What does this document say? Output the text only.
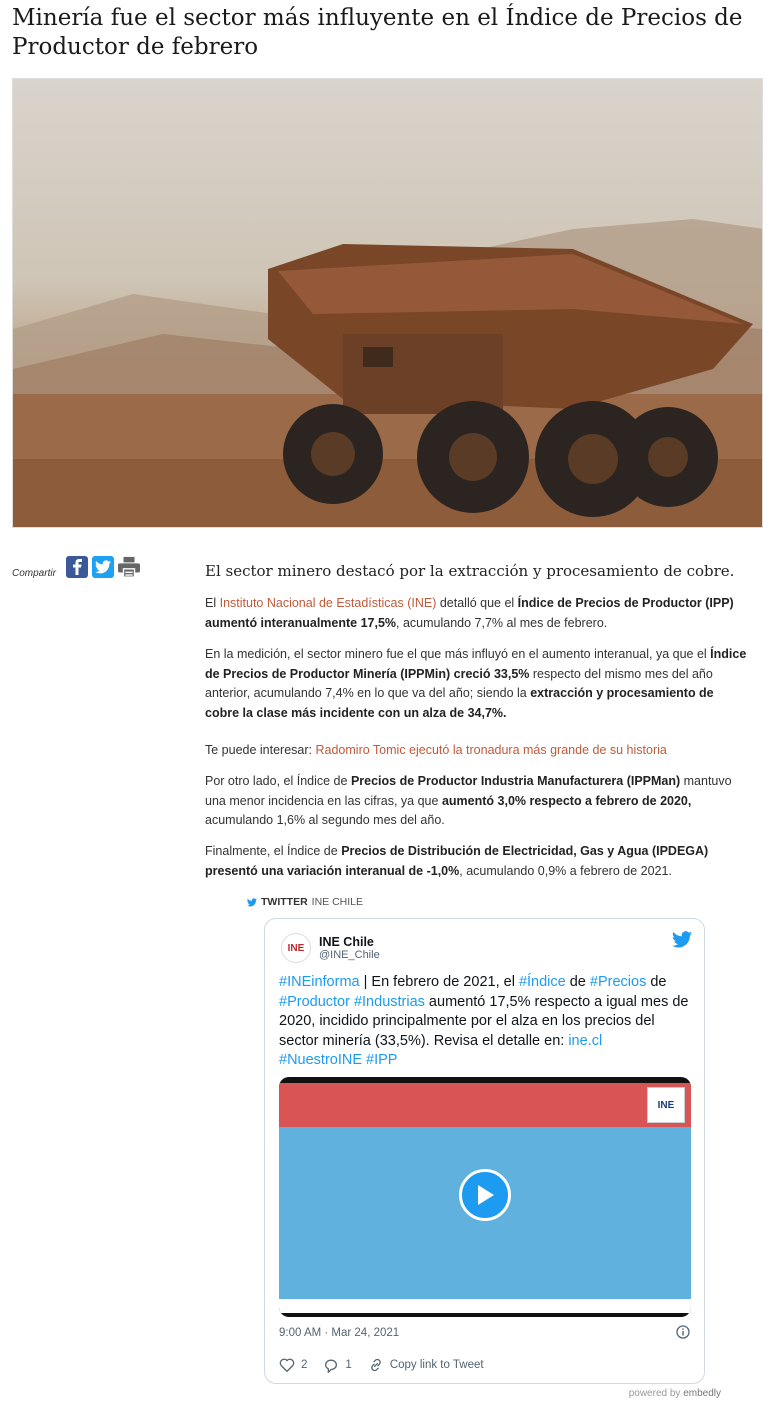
Minería fue el sector más influyente en el Índice de Precios de Productor de febrero
Compartir	El sector minero destacó por la extracción y procesamiento de cobre.

El Instituto Nacional de Estadísticas (INE) detalló que el Índice de Precios de Productor (IPP) aumentó interanualmente 17,5%, acumulando 7,7% al mes de febrero.

En la medición, el sector minero fue el que más influyó en el aumento interanual, ya que el Índice de Precios de Productor Minería (IPPMin) creció 33,5% respecto del mismo mes del año anterior, acumulando 7,4% en lo que va del año; siendo la extracción y procesamiento de cobre la clase más incidente con un alza de 34,7%.

Te puede interesar: Radomiro Tomic ejecutó la tronadura más grande de su historia

Por otro lado, el Índice de Precios de Productor Industria Manufacturera (IPPMan) mantuvo una menor incidencia en las cifras, ya que aumentó 3,0% respecto a febrero de 2020, acumulando 1,6% al segundo mes del año.

Finalmente, el Índice de Precios de Distribución de Electricidad, Gas y Agua (IPDEGA) presentó una variación interanual de -1,0%, acumulando 0,9% a febrero de 2021.

TWITTER INE CHILE
INE	INE Chile
@INE_Chile
#INEinforma | En febrero de 2021, el #Índice de #Precios de #Productor #Industrias aumentó 17,5% respecto a igual mes de 2020, incidido principalmente por el alza en los precios del sector minería (33,5%). Revisa el detalle en: ine.cl
#NuestroINE #IPP
INE
9:00 AM · Mar 24, 2021
2	1	Copy link to Tweet
powered by embedly
